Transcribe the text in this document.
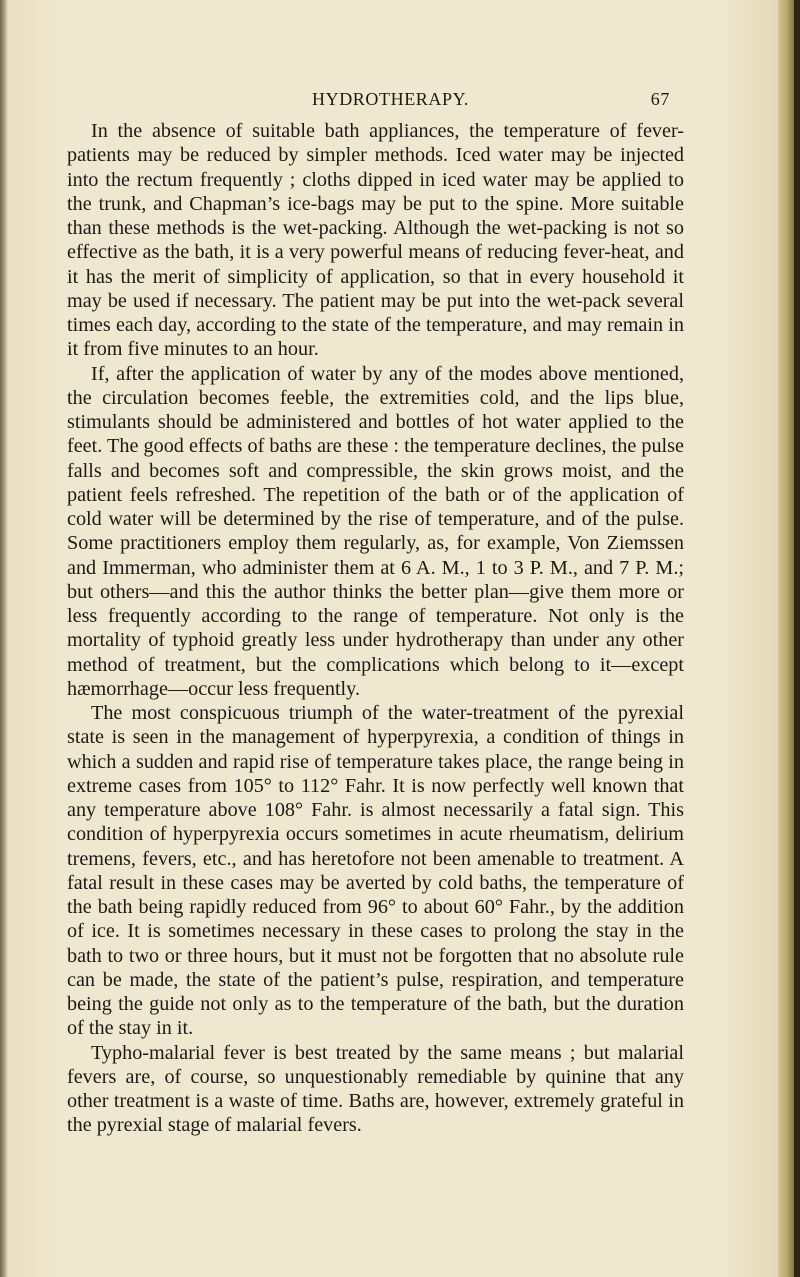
HYDROTHERAPY.	67

In the absence of suitable bath appliances, the temperature of fever-patients may be reduced by simpler methods. Iced water may be injected into the rectum frequently ; cloths dipped in iced water may be applied to the trunk, and Chapman’s ice-bags may be put to the spine. More suitable than these methods is the wet-packing. Although the wet-packing is not so effective as the bath, it is a very powerful means of reducing fever-heat, and it has the merit of simplicity of application, so that in every household it may be used if necessary. The patient may be put into the wet-pack several times each day, according to the state of the temperature, and may remain in it from five minutes to an hour.

If, after the application of water by any of the modes above mentioned, the circulation becomes feeble, the extremities cold, and the lips blue, stimulants should be administered and bottles of hot water applied to the feet. The good effects of baths are these : the temperature declines, the pulse falls and becomes soft and compressible, the skin grows moist, and the patient feels refreshed. The repetition of the bath or of the application of cold water will be determined by the rise of temperature, and of the pulse. Some practitioners employ them regularly, as, for example, Von Ziemssen and Immerman, who administer them at 6 A. M., 1 to 3 P. M., and 7 P. M.; but others—and this the author thinks the better plan—give them more or less frequently according to the range of temperature. Not only is the mortality of typhoid greatly less under hydrotherapy than under any other method of treatment, but the complications which belong to it—except hæmorrhage—occur less frequently.

The most conspicuous triumph of the water-treatment of the pyrexial state is seen in the management of hyperpyrexia, a condition of things in which a sudden and rapid rise of temperature takes place, the range being in extreme cases from 105° to 112° Fahr. It is now perfectly well known that any temperature above 108° Fahr. is almost necessarily a fatal sign. This condition of hyperpyrexia occurs sometimes in acute rheumatism, delirium tremens, fevers, etc., and has heretofore not been amenable to treatment. A fatal result in these cases may be averted by cold baths, the temperature of the bath being rapidly reduced from 96° to about 60° Fahr., by the addition of ice. It is sometimes necessary in these cases to prolong the stay in the bath to two or three hours, but it must not be forgotten that no absolute rule can be made, the state of the patient’s pulse, respiration, and temperature being the guide not only as to the temperature of the bath, but the duration of the stay in it.

Typho-malarial fever is best treated by the same means ; but malarial fevers are, of course, so unquestionably remediable by quinine that any other treatment is a waste of time. Baths are, however, extremely grateful in the pyrexial stage of malarial fevers.
